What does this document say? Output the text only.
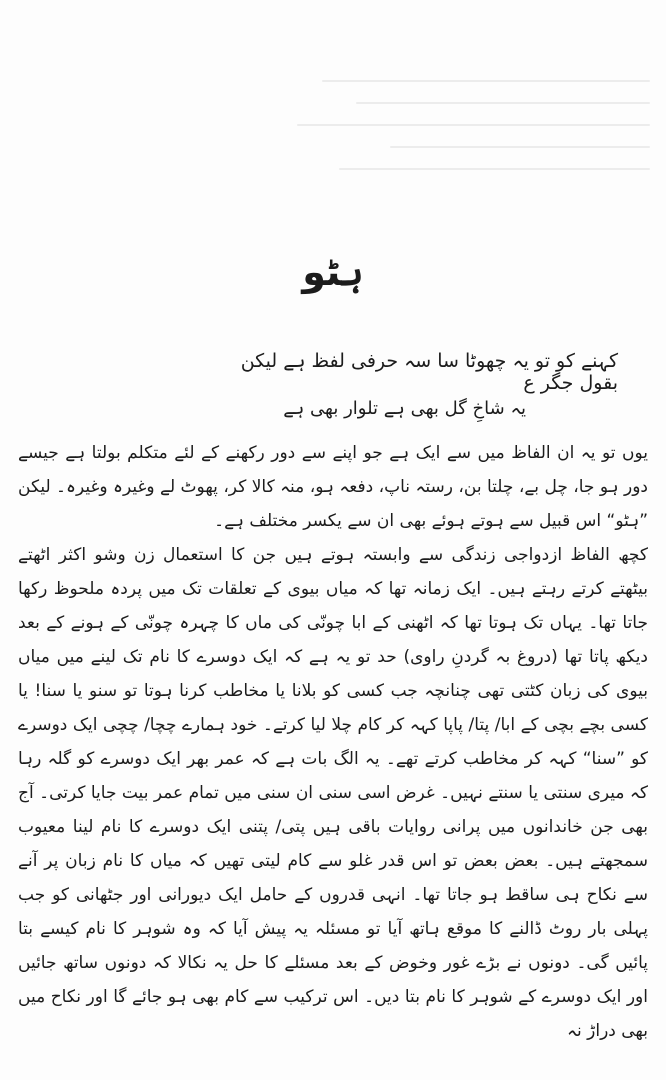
ہٹو
کہنے کو تو یہ چھوٹا سا سہ حرفی لفظ ہے لیکن بقول جگر ع
یہ شاخِ گل بھی ہے تلوار بھی ہے

یوں تو یہ ان الفاظ میں سے ایک ہے جو اپنے سے دور رکھنے کے لئے متکلم بولتا ہے جیسے دور ہو جا، چل بے، چلتا بن، رستہ ناپ، دفعہ ہو، منہ کالا کر، پھوٹ لے وغیرہ وغیرہ۔ لیکن ”ہٹو“ اس قبیل سے ہوتے ہوئے بھی ان سے یکسر مختلف ہے۔

کچھ الفاظ ازدواجی زندگی سے وابستہ ہوتے ہیں جن کا استعمال زن وشو اکثر اٹھتے بیٹھتے کرتے رہتے ہیں۔ ایک زمانہ تھا کہ میاں بیوی کے تعلقات تک میں پردہ ملحوظ رکھا جاتا تھا۔ یہاں تک ہوتا تھا کہ اٹھنی کے ابا چونّی کی ماں کا چہرہ چونّی کے ہونے کے بعد دیکھ پاتا تھا (دروغ بہ گردنِ راوی) حد تو یہ ہے کہ ایک دوسرے کا نام تک لینے میں میاں بیوی کی زبان کٹتی تھی چنانچہ جب کسی کو بلانا یا مخاطب کرنا ہوتا تو سنو یا سنا! یا کسی بچے بچی کے ابا/ پتا/ پاپا کہہ کر کام چلا لیا کرتے۔ خود ہمارے چچا/ چچی ایک دوسرے کو ”سنا“ کہہ کر مخاطب کرتے تھے۔ یہ الگ بات ہے کہ عمر بھر ایک دوسرے کو گلہ رہا کہ میری سنتی یا سنتے نہیں۔ غرض اسی سنی ان سنی میں تمام عمر بیت جایا کرتی۔ آج بھی جن خاندانوں میں پرانی روایات باقی ہیں پتی/ پتنی ایک دوسرے کا نام لینا معیوب سمجھتے ہیں۔ بعض بعض تو اس قدر غلو سے کام لیتی تھیں کہ میاں کا نام زبان پر آنے سے نکاح ہی ساقط ہو جاتا تھا۔ انہی قدروں کے حامل ایک دیورانی اور جٹھانی کو جب پہلی بار روٹ ڈالنے کا موقع ہاتھ آیا تو مسئلہ یہ پیش آیا کہ وہ شوہر کا نام کیسے بتا پائیں گی۔ دونوں نے بڑے غور وخوض کے بعد مسئلے کا حل یہ نکالا کہ دونوں ساتھ جائیں اور ایک دوسرے کے شوہر کا نام بتا دیں۔ اس ترکیب سے کام بھی ہو جائے گا اور نکاح میں بھی دراڑ نہ
